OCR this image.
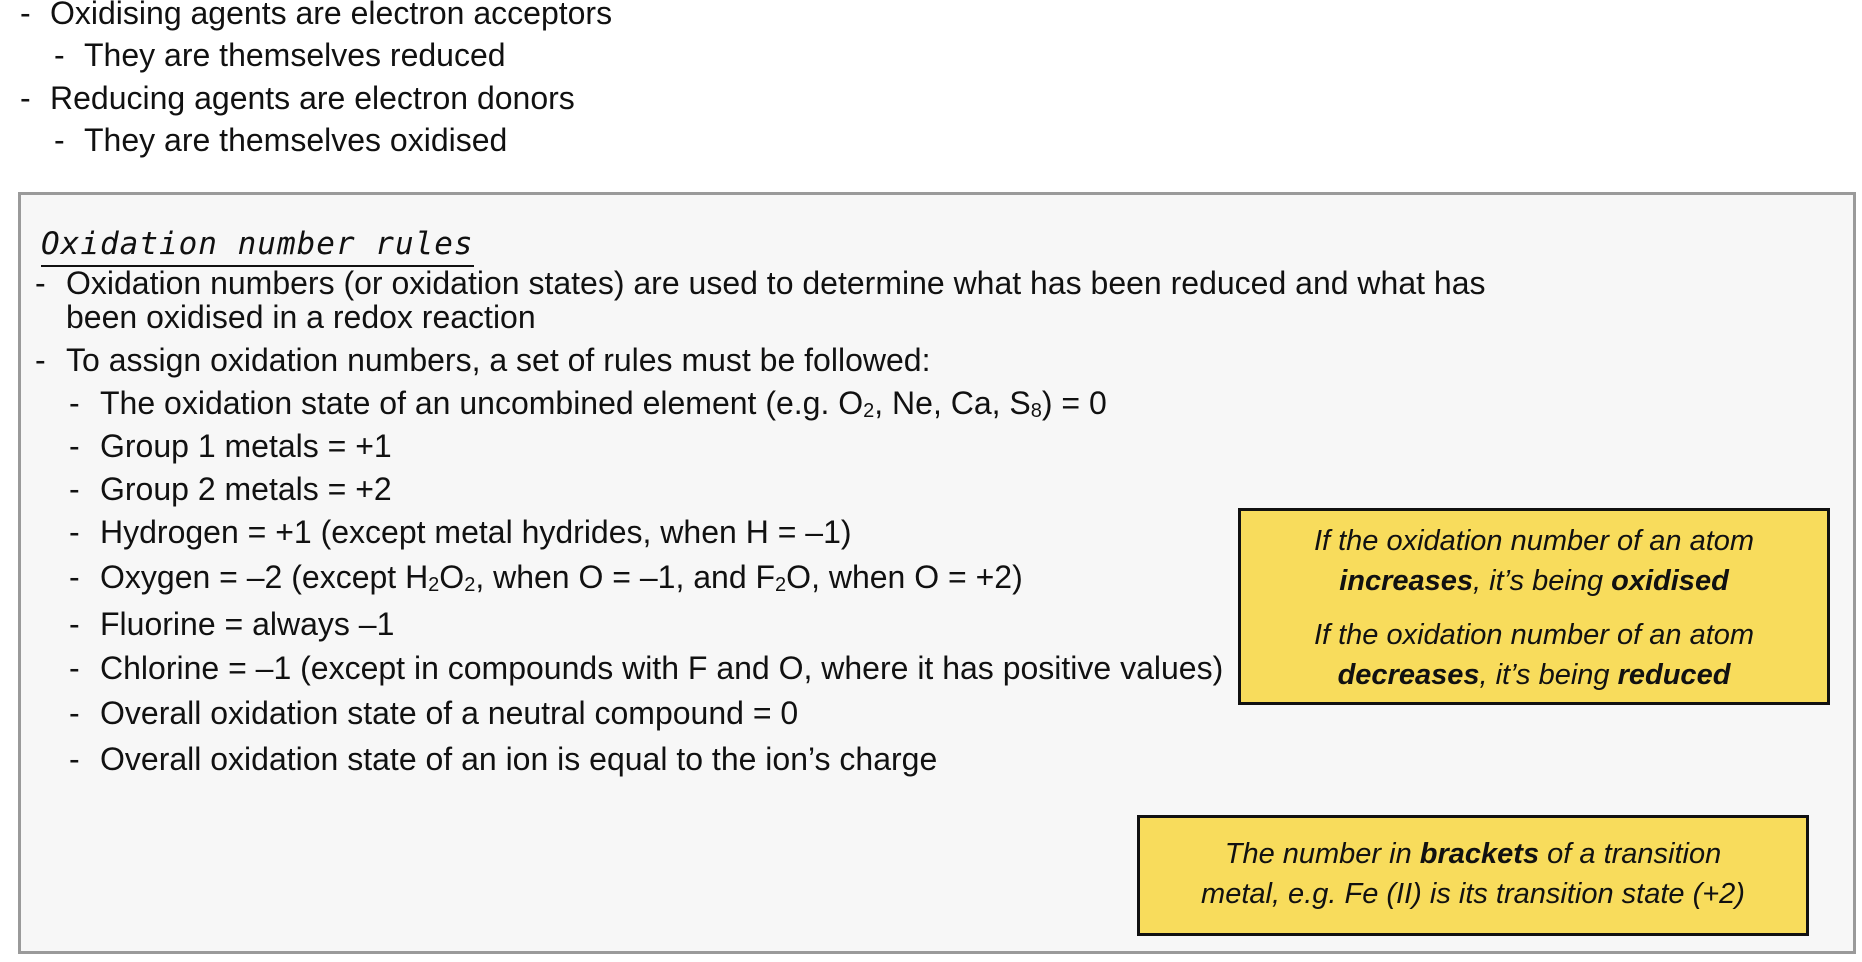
- Oxidising agents are electron acceptors
- They are themselves reduced
- Reducing agents are electron donors
- They are themselves oxidised
Oxidation number rules
- Oxidation numbers (or oxidation states) are used to determine what has been reduced and what has
been oxidised in a redox reaction
- To assign oxidation numbers, a set of rules must be followed:
- The oxidation state of an uncombined element (e.g. $O_2$, Ne, Ca, $S_8) = 0$
- Group 1 metals = +1
- Group 2 metals = +2
- Hydrogen = +1 (except metal hydrides, when H = –1)
- Oxygen = –2 (except $H_2O_2$, when O = –1, and $F_2O$, when O = +2)
- Fluorine = always –1
- Chlorine = –1 (except in compounds with F and O, where it has positive values)
- Overall oxidation state of a neutral compound = 0
- Overall oxidation state of an ion is equal to the ion’s charge

If the oxidation number of an atom

increases, it’s being oxidised

If the oxidation number of an atom

decreases, it’s being reduced

The number in brackets of a transition

metal, e.g. Fe (II) is its transition state (+2)
